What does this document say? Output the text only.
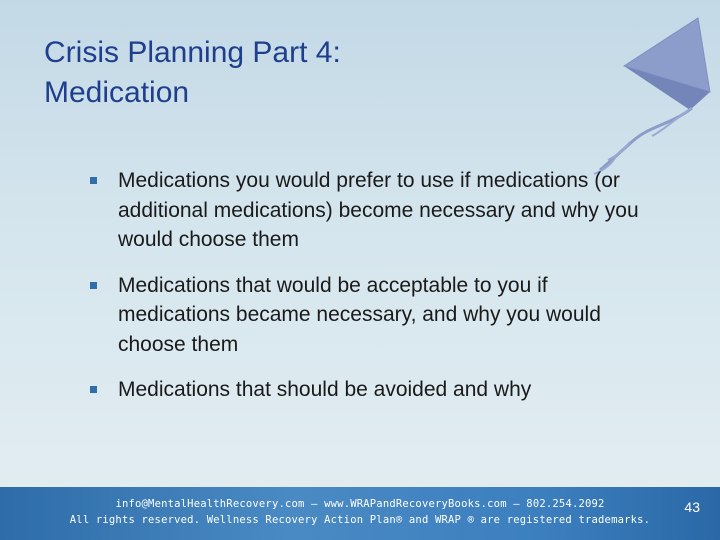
Crisis Planning Part 4:
Medication
Medications you would prefer to use if medications (or additional medications) become necessary and why you would choose them
Medications that would be acceptable to you if medications became necessary, and why you would choose them
Medications that should be avoided and why
info@MentalHealthRecovery.com – www.WRAPandRecoveryBooks.com – 802.254.2092
All rights reserved. Wellness Recovery Action Plan® and WRAP ® are registered trademarks.
43
